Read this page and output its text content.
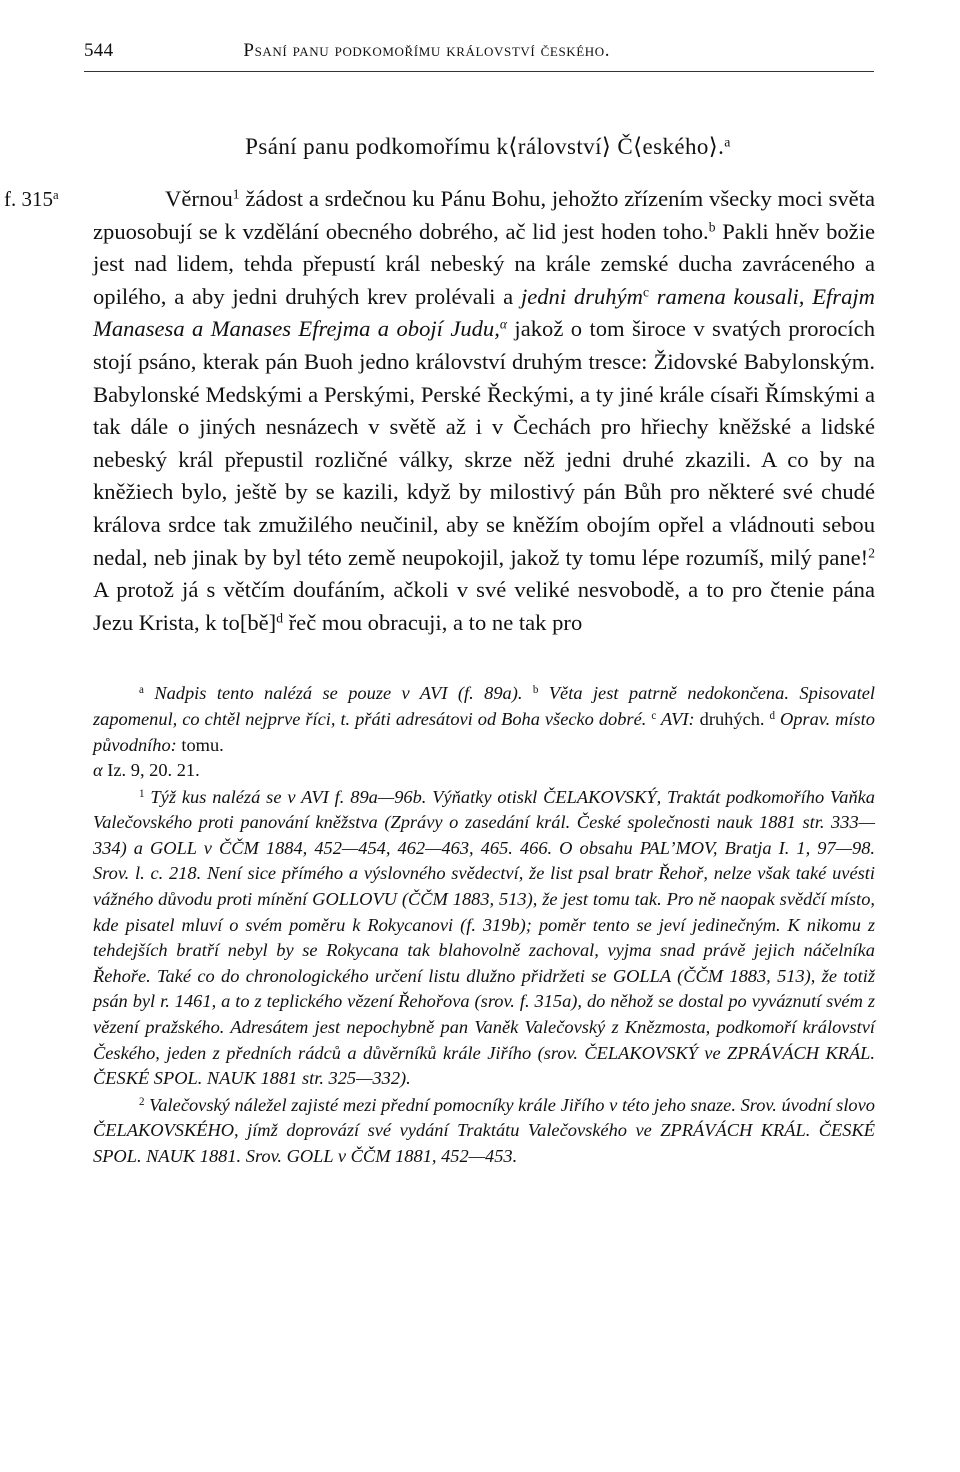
544	Psaní panu podkomořímu království českého.
Psání panu podkomořímu k⟨rálovství⟩ Č⟨eského⟩.$^a$
f. 315$^a$	Věrnou$^1$ žádost a srdečnou ku Pánu Bohu, jehožto zřízením všecky moci světa zpuosobují se k vzdělání obecného dobrého, ač lid jest hoden toho.$^b$ Pakli hněv božie jest nad lidem, tehda přepustí král nebeský na krále zemské ducha zavráceného a opilého, a aby jedni druhých krev prolévali a jedni druhým$^c$ ramena kousali, Efrajm Manasesa a Manases Efrejma a obojí Judu,$^\alpha$ jakož o tom široce v svatých prorocích stojí psáno, kterak pán Buoh jedno království druhým tresce: Židovské Babylonským. Babylonské Medskými a Perskými, Perské Řeckými, a ty jiné krále císaři Římskými a tak dále o jiných nesnázech v světě až i v Čechách pro hřiechy kněžské a lidské nebeský král přepustil rozličné války, skrze něž jedni druhé zkazili. A co by na kněžiech bylo, ještě by se kazili, když by milostivý pán Bůh pro některé své chudé králova srdce tak zmužilého neučinil, aby se kněžím obojím opřel a vládnouti sebou nedal, neb jinak by byl této země neupokojil, jakož ty tomu lépe rozumíš, milý pane!$^2$ A protož já s větčím doufáním, ačkoli v své veliké nesvobodě, a to pro čtenie pána Jezu Krista, k to[bě]$^d$ řeč mou obracuji, a to ne tak pro

$^a$ Nadpis tento nalézá se pouze v AVI (f. 89a). $^b$ Věta jest patrně nedokončena. Spisovatel zapomenul, co chtěl nejprve říci, t. přáti adresátovi od Boha všecko dobré. $^c$ AVI: druhých. $^d$ Oprav. místo původního: tomu.
α Iz. 9, 20. 21.

$^1$ Týž kus nalézá se v AVI f. 89a—96b. Výňatky otiskl ČELAKOVSKÝ, Traktát podkomořího Vaňka Valečovského proti panování kněžstva (Zprávy o zasedání král. České společnosti nauk 1881 str. 333—334) a GOLL v ČČM 1884, 452—454, 462—463, 465. 466. O obsahu PAL’MOV, Bratja I. 1, 97—98. Srov. l. c. 218. Není sice přímého a výslovného svědectví, že list psal bratr Řehoř, nelze však také uvésti vážného důvodu proti mínění GOLLOVU (ČČM 1883, 513), že jest tomu tak. Pro ně naopak svědčí místo, kde pisatel mluví o svém poměru k Rokycanovi (f. 319b); poměr tento se jeví jedinečným. K nikomu z tehdejších bratří nebyl by se Rokycana tak blahovolně zachoval, vyjma snad právě jejich náčelníka Řehoře. Také co do chronologického určení listu dlužno přidržeti se GOLLA (ČČM 1883, 513), že totiž psán byl r. 1461, a to z teplického vězení Řehořova (srov. f. 315a), do něhož se dostal po vyváznutí svém z vězení pražského. Adresátem jest nepochybně pan Vaněk Valečovský z Knězmosta, podkomoří království Českého, jeden z předních rádců a důvěrníků krále Jiřího (srov. ČELAKOVSKÝ ve ZPRÁVÁCH KRÁL. ČESKÉ SPOL. NAUK 1881 str. 325—332).

$^2$ Valečovský náležel zajisté mezi přední pomocníky krále Jiřího v této jeho snaze. Srov. úvodní slovo ČELAKOVSKÉHO, jímž doprovází své vydání Traktátu Valečovského ve ZPRÁVÁCH KRÁL. ČESKÉ SPOL. NAUK 1881. Srov. GOLL v ČČM 1881, 452—453.
